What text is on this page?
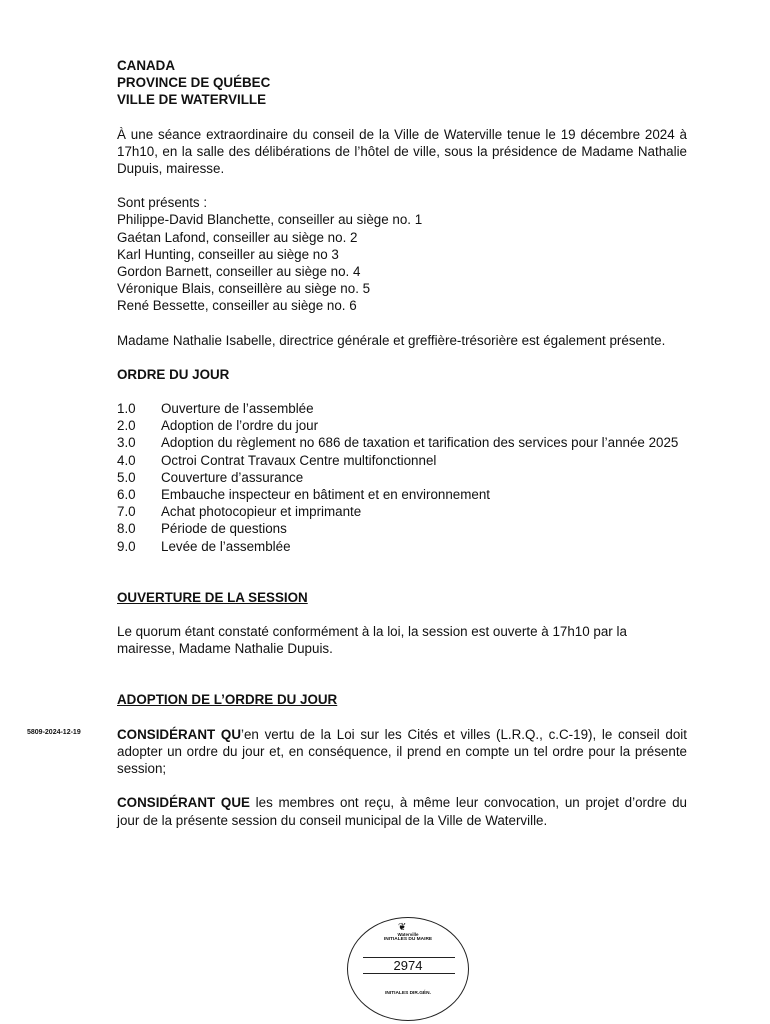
CANADA
PROVINCE DE QUÉBEC
VILLE DE WATERVILLE
À une séance extraordinaire du conseil de la Ville de Waterville tenue le 19 décembre 2024 à 17h10, en la salle des délibérations de l’hôtel de ville, sous la présidence de Madame Nathalie Dupuis, mairesse.
Sont présents :
Philippe-David Blanchette, conseiller au siège no. 1
Gaétan Lafond, conseiller au siège no. 2
Karl Hunting, conseiller au siège no 3
Gordon Barnett, conseiller au siège no. 4
Véronique Blais, conseillère au siège no. 5
René Bessette, conseiller au siège no. 6
Madame Nathalie Isabelle, directrice générale et greffière-trésorière est également présente.
ORDRE DU JOUR
1.0	Ouverture de l’assemblée
2.0	Adoption de l’ordre du jour
3.0	Adoption du règlement no 686 de taxation et tarification des services pour l’année 2025
4.0	Octroi Contrat Travaux Centre multifonctionnel
5.0	Couverture d’assurance
6.0	Embauche inspecteur en bâtiment et en environnement
7.0	Achat photocopieur et imprimante
8.0	Période de questions
9.0	Levée de l’assemblée
OUVERTURE DE LA SESSION
Le quorum étant constaté conformément à la loi, la session est ouverte à 17h10 par la mairesse, Madame Nathalie Dupuis.
ADOPTION DE L’ORDRE DU JOUR
CONSIDÉRANT QU’en vertu de la Loi sur les Cités et villes (L.R.Q., c.C-19), le conseil doit adopter un ordre du jour et, en conséquence, il prend en compte un tel ordre pour la présente session;
CONSIDÉRANT QUE les membres ont reçu, à même leur convocation, un projet d’ordre du jour de la présente session du conseil municipal de la Ville de Waterville.
5809-2024-12-19
❦
Waterville
INITIALES DU MAIRE
2974
INITIALES DIR.GÉN.
